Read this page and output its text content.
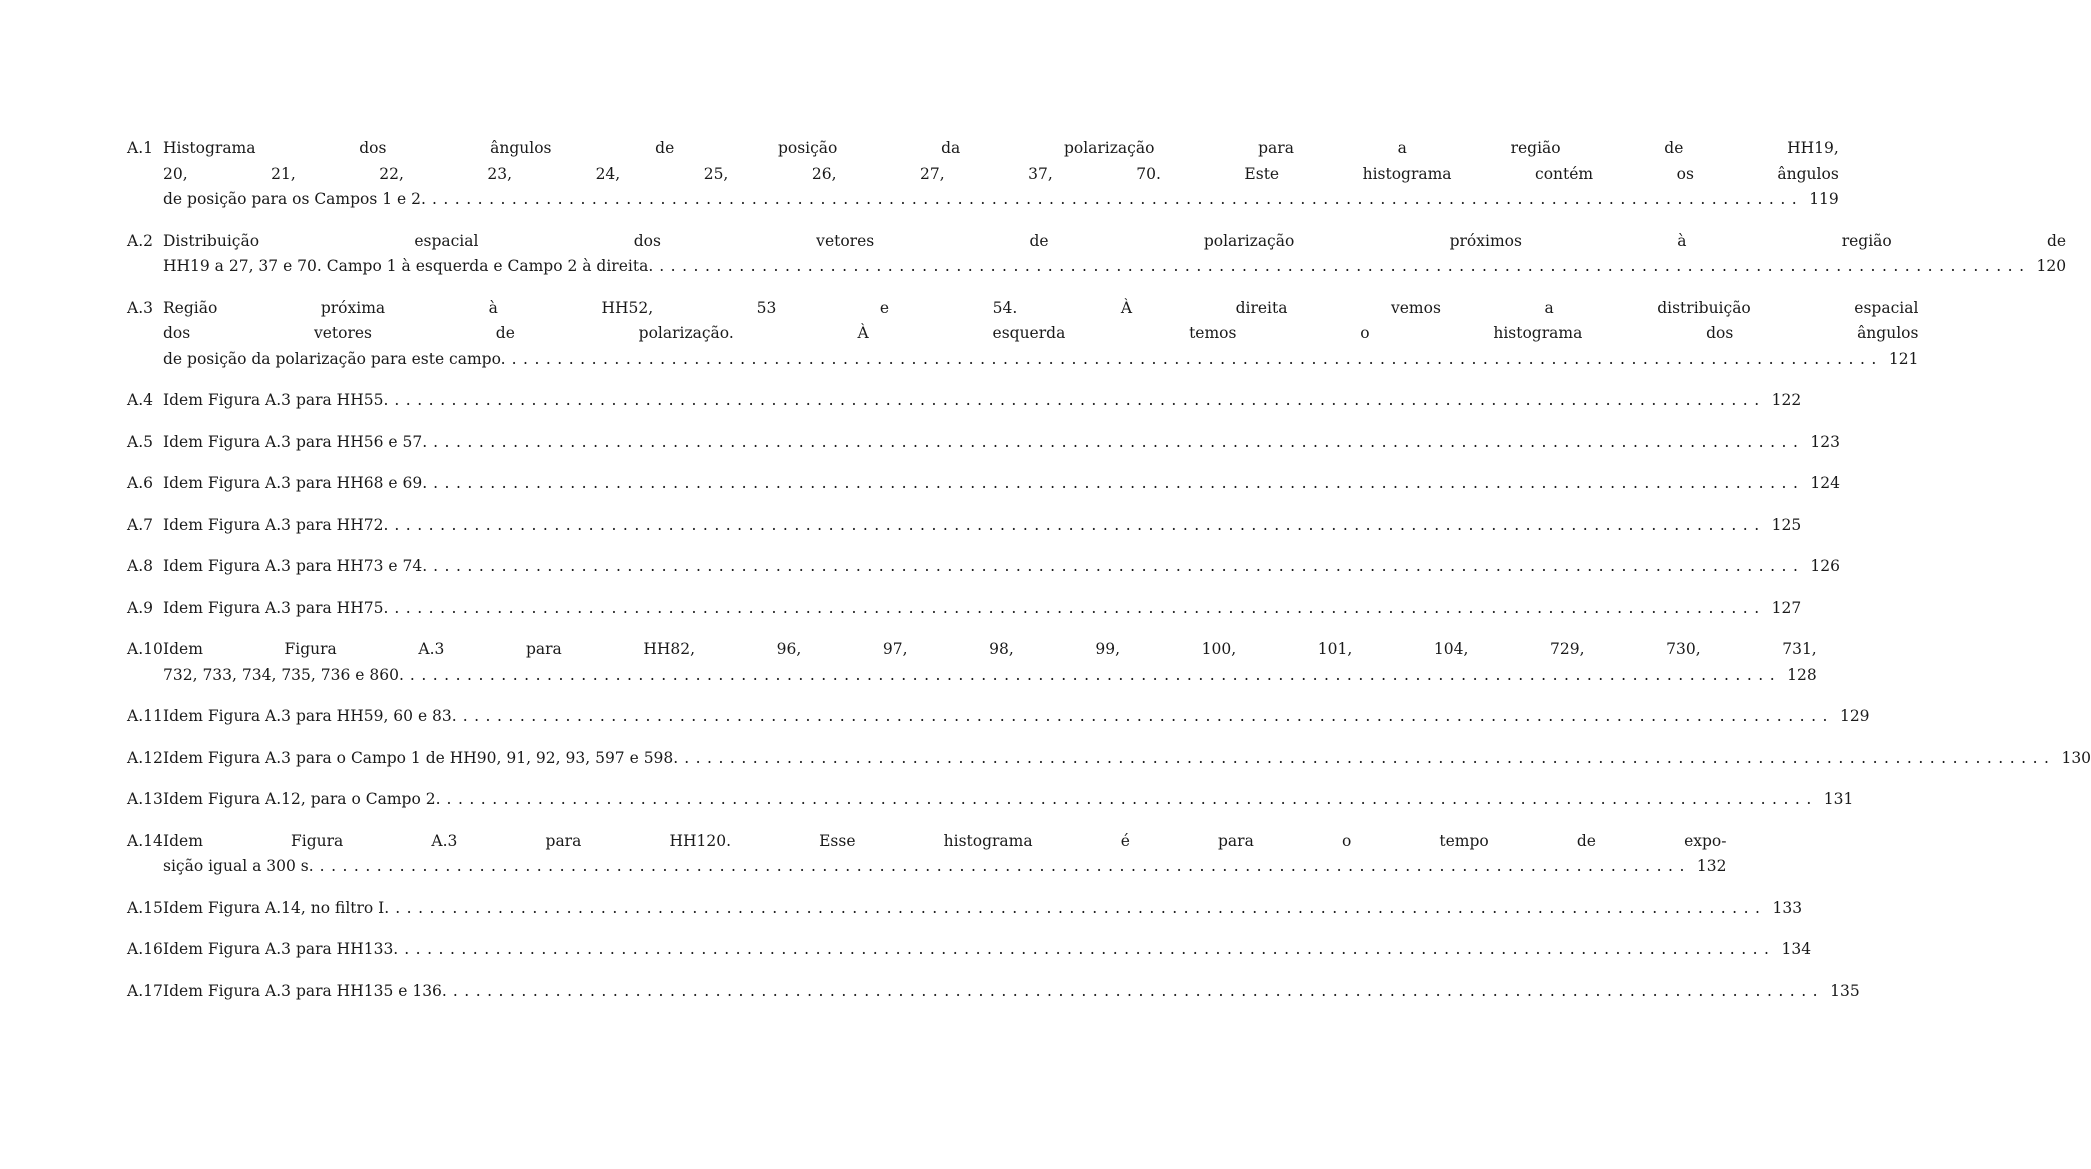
A.1 Histograma dos ângulos de posição da polarização para a região de HH19,
20, 21, 22, 23, 24, 25, 26, 27, 37, 70. Este histograma contém os ângulos
de posição para os Campos 1 e 2. ........................................................................................................................ 119
A.2 Distribuição espacial dos vetores de polarização próximos à região de
HH19 a 27, 37 e 70. Campo 1 à esquerda e Campo 2 à direita. ........................................................................................................................ 120
A.3 Região próxima à HH52, 53 e 54. À direita vemos a distribuição espacial
dos vetores de polarização. À esquerda temos o histograma dos ângulos
de posição da polarização para este campo. ........................................................................................................................ 121
A.4 Idem Figura A.3 para HH55. ........................................................................................................................ 122
A.5 Idem Figura A.3 para HH56 e 57. ........................................................................................................................ 123
A.6 Idem Figura A.3 para HH68 e 69. ........................................................................................................................ 124
A.7 Idem Figura A.3 para HH72. ........................................................................................................................ 125
A.8 Idem Figura A.3 para HH73 e 74. ........................................................................................................................ 126
A.9 Idem Figura A.3 para HH75. ........................................................................................................................ 127
A.10 Idem Figura A.3 para HH82, 96, 97, 98, 99, 100, 101, 104, 729, 730, 731,
732, 733, 734, 735, 736 e 860. ........................................................................................................................ 128
A.11 Idem Figura A.3 para HH59, 60 e 83. ........................................................................................................................ 129
A.12 Idem Figura A.3 para o Campo 1 de HH90, 91, 92, 93, 597 e 598. ........................................................................................................................ 130
A.13 Idem Figura A.12, para o Campo 2. ........................................................................................................................ 131
A.14 Idem Figura A.3 para HH120. Esse histograma é para o tempo de expo-
sição igual a 300 s. ........................................................................................................................ 132
A.15 Idem Figura A.14, no filtro I. ........................................................................................................................ 133
A.16 Idem Figura A.3 para HH133. ........................................................................................................................ 134
A.17 Idem Figura A.3 para HH135 e 136. ........................................................................................................................ 135
